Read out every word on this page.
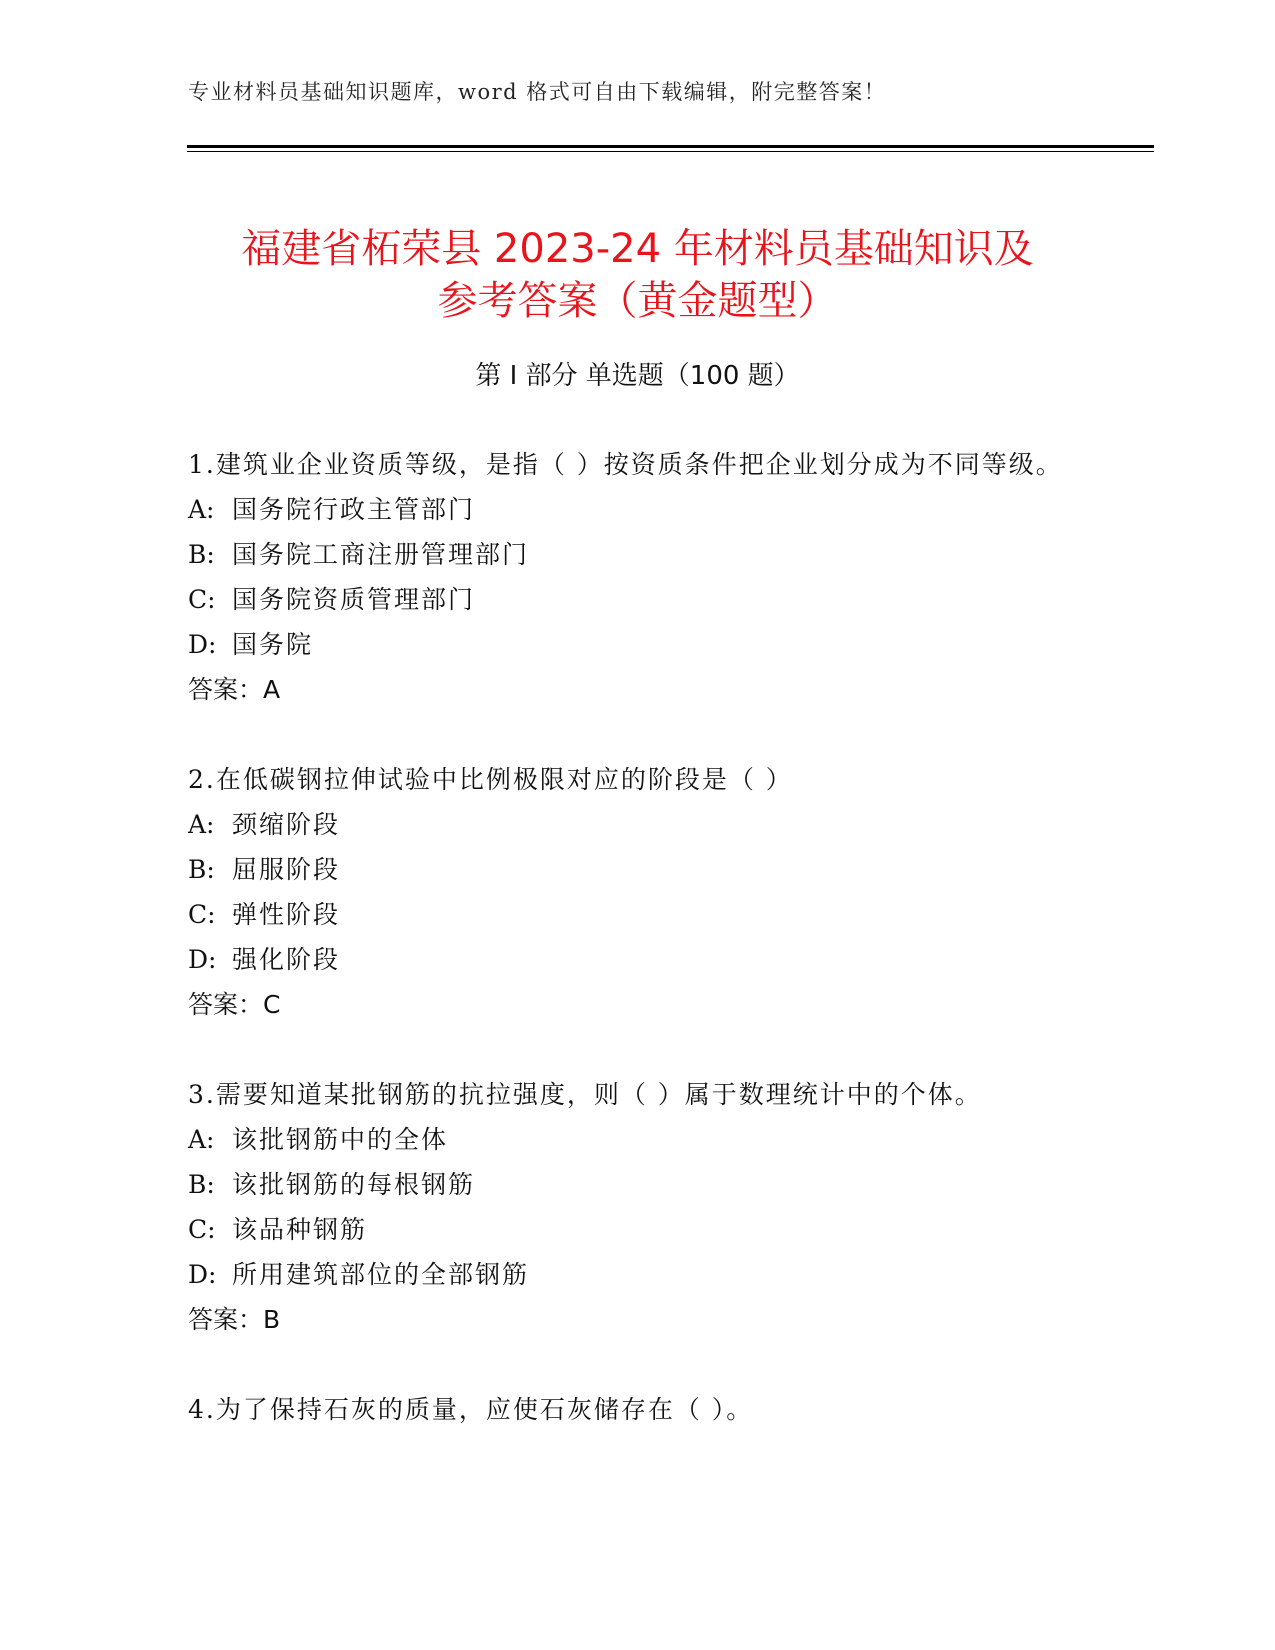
专业材料员基础知识题库，word 格式可自由下载编辑，附完整答案！
福建省柘荣县 2023-24 年材料员基础知识及
参考答案（黄金题型）
第 I 部分 单选题（100 题）
1.建筑业企业资质等级，是指（ ）按资质条件把企业划分成为不同等级。
A: 国务院行政主管部门
B: 国务院工商注册管理部门
C: 国务院资质管理部门
D: 国务院
答案：A
2.在低碳钢拉伸试验中比例极限对应的阶段是（ ）
A: 颈缩阶段
B: 屈服阶段
C: 弹性阶段
D: 强化阶段
答案：C
3.需要知道某批钢筋的抗拉强度，则（ ）属于数理统计中的个体。
A: 该批钢筋中的全体
B: 该批钢筋的每根钢筋
C: 该品种钢筋
D: 所用建筑部位的全部钢筋
答案：B
4.为了保持石灰的质量，应使石灰储存在（ ）。
